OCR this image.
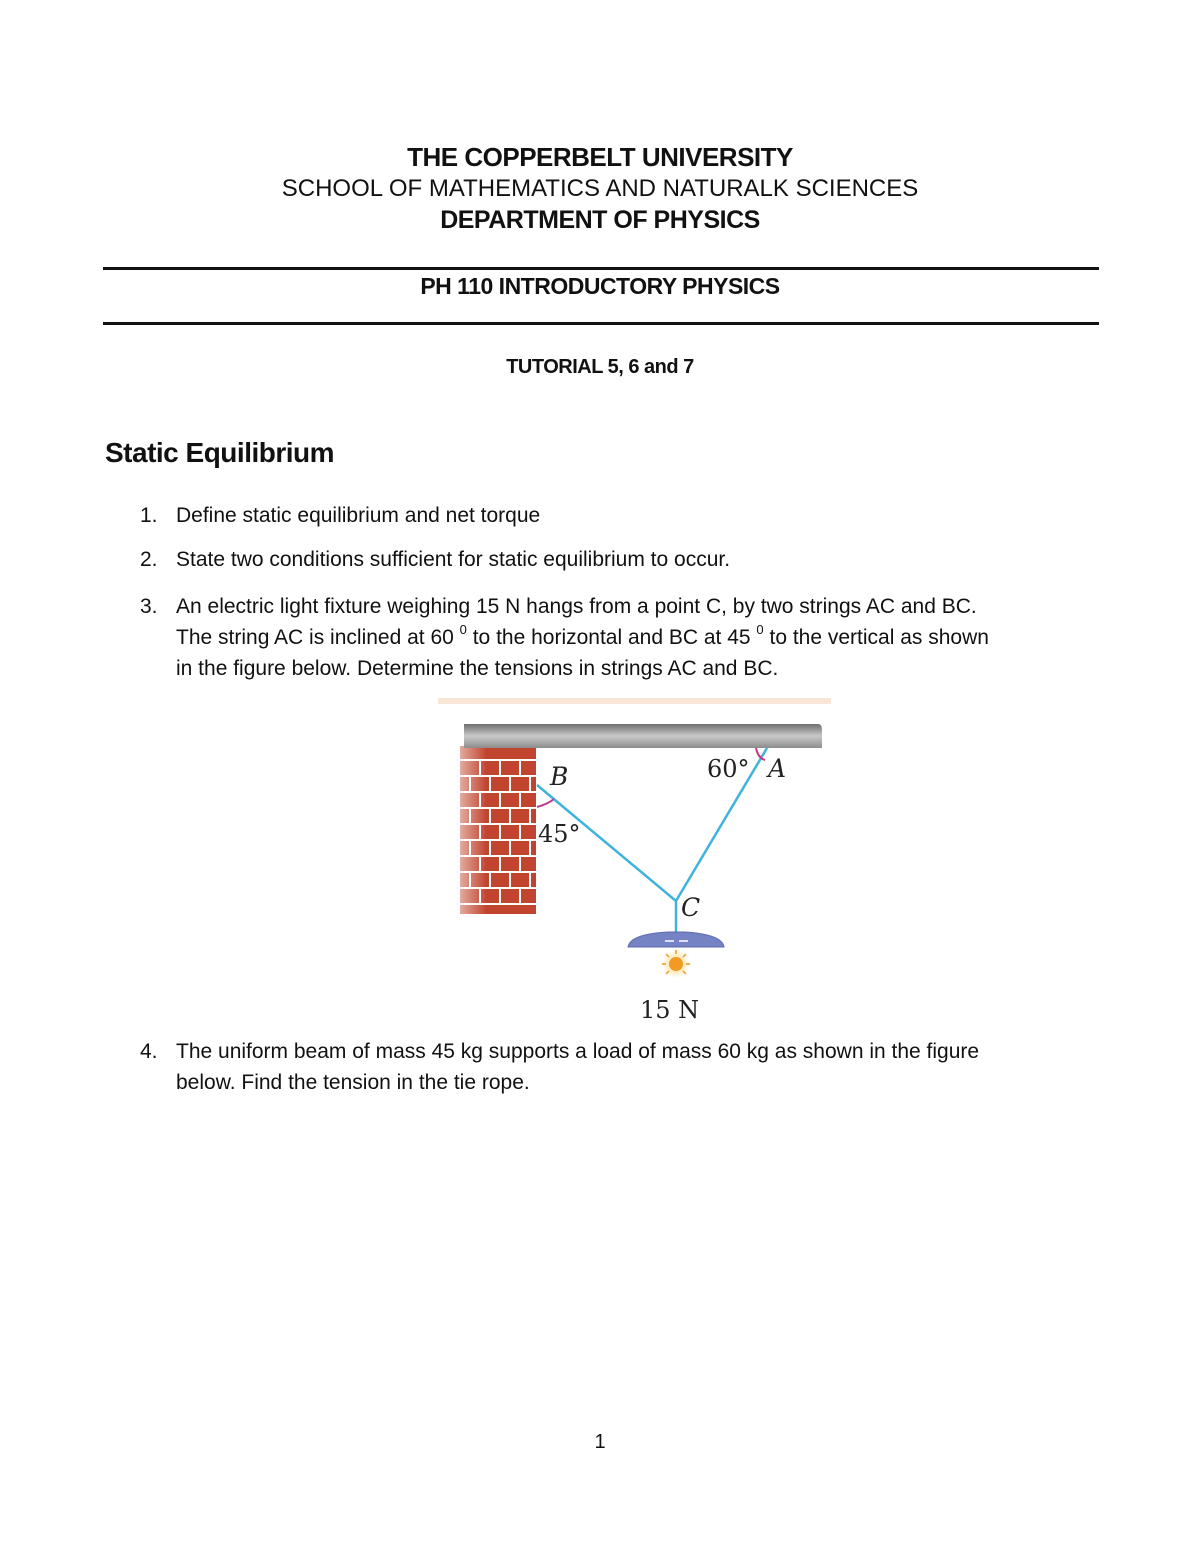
THE COPPERBELT UNIVERSITY
SCHOOL OF MATHEMATICS AND NATURALK SCIENCES
DEPARTMENT OF PHYSICS
PH 110 INTRODUCTORY PHYSICS
TUTORIAL 5, 6 and 7
Static Equilibrium
1. Define static equilibrium and net torque
2. State two conditions sufficient for static equilibrium to occur.
3. An electric light fixture weighing 15 N hangs from a point C, by two strings AC and BC.
The string AC is inclined at 60 $^0$ to the horizontal and BC at 45 $^0$ to the vertical as shown
in the figure below. Determine the tensions in strings AC and BC.
B
45°
60° A
C
15 N
4. The uniform beam of mass 45 kg supports a load of mass 60 kg as shown in the figure
below. Find the tension in the tie rope.
1
